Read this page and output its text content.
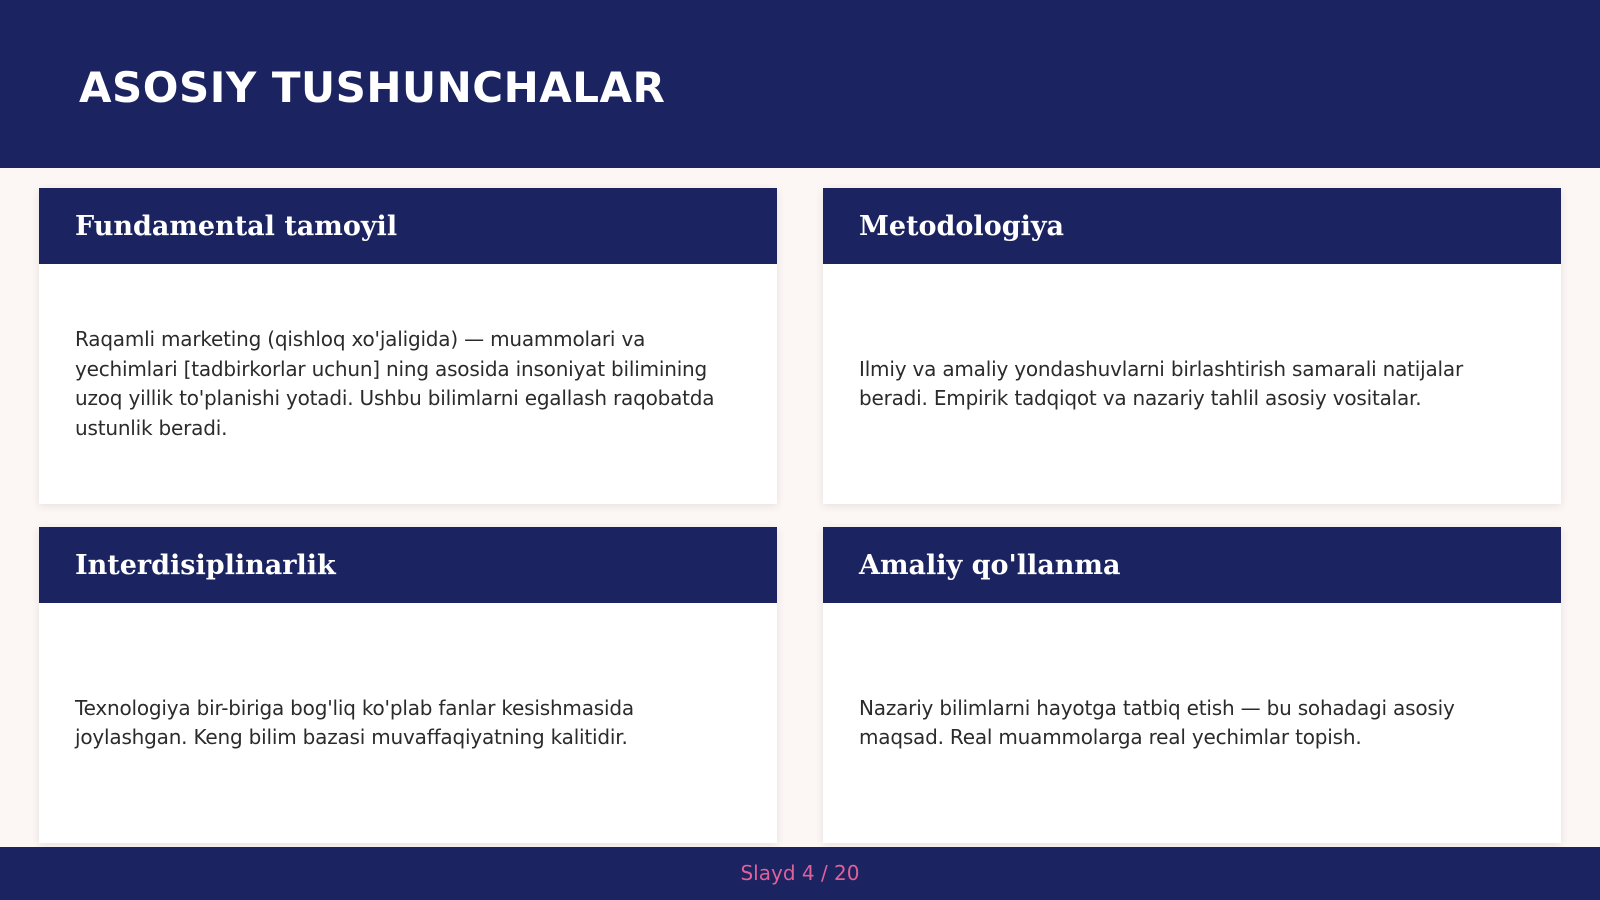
ASOSIY TUSHUNCHALAR
Fundamental tamoyil

Raqamli marketing (qishloq xo'jaligida) — muammolari va yechimlari [tadbirkorlar uchun] ning asosida insoniyat bilimining uzoq yillik to'planishi yotadi. Ushbu bilimlarni egallash raqobatda ustunlik beradi.

Metodologiya

Ilmiy va amaliy yondashuvlarni birlashtirish samarali natijalar beradi. Empirik tadqiqot va nazariy tahlil asosiy vositalar.

Interdisiplinarlik

Texnologiya bir-biriga bog'liq ko'plab fanlar kesishmasida joylashgan. Keng bilim bazasi muvaffaqiyatning kalitidir.

Amaliy qo'llanma

Nazariy bilimlarni hayotga tatbiq etish — bu sohadagi asosiy maqsad. Real muammolarga real yechimlar topish.

Slayd 4 / 20
